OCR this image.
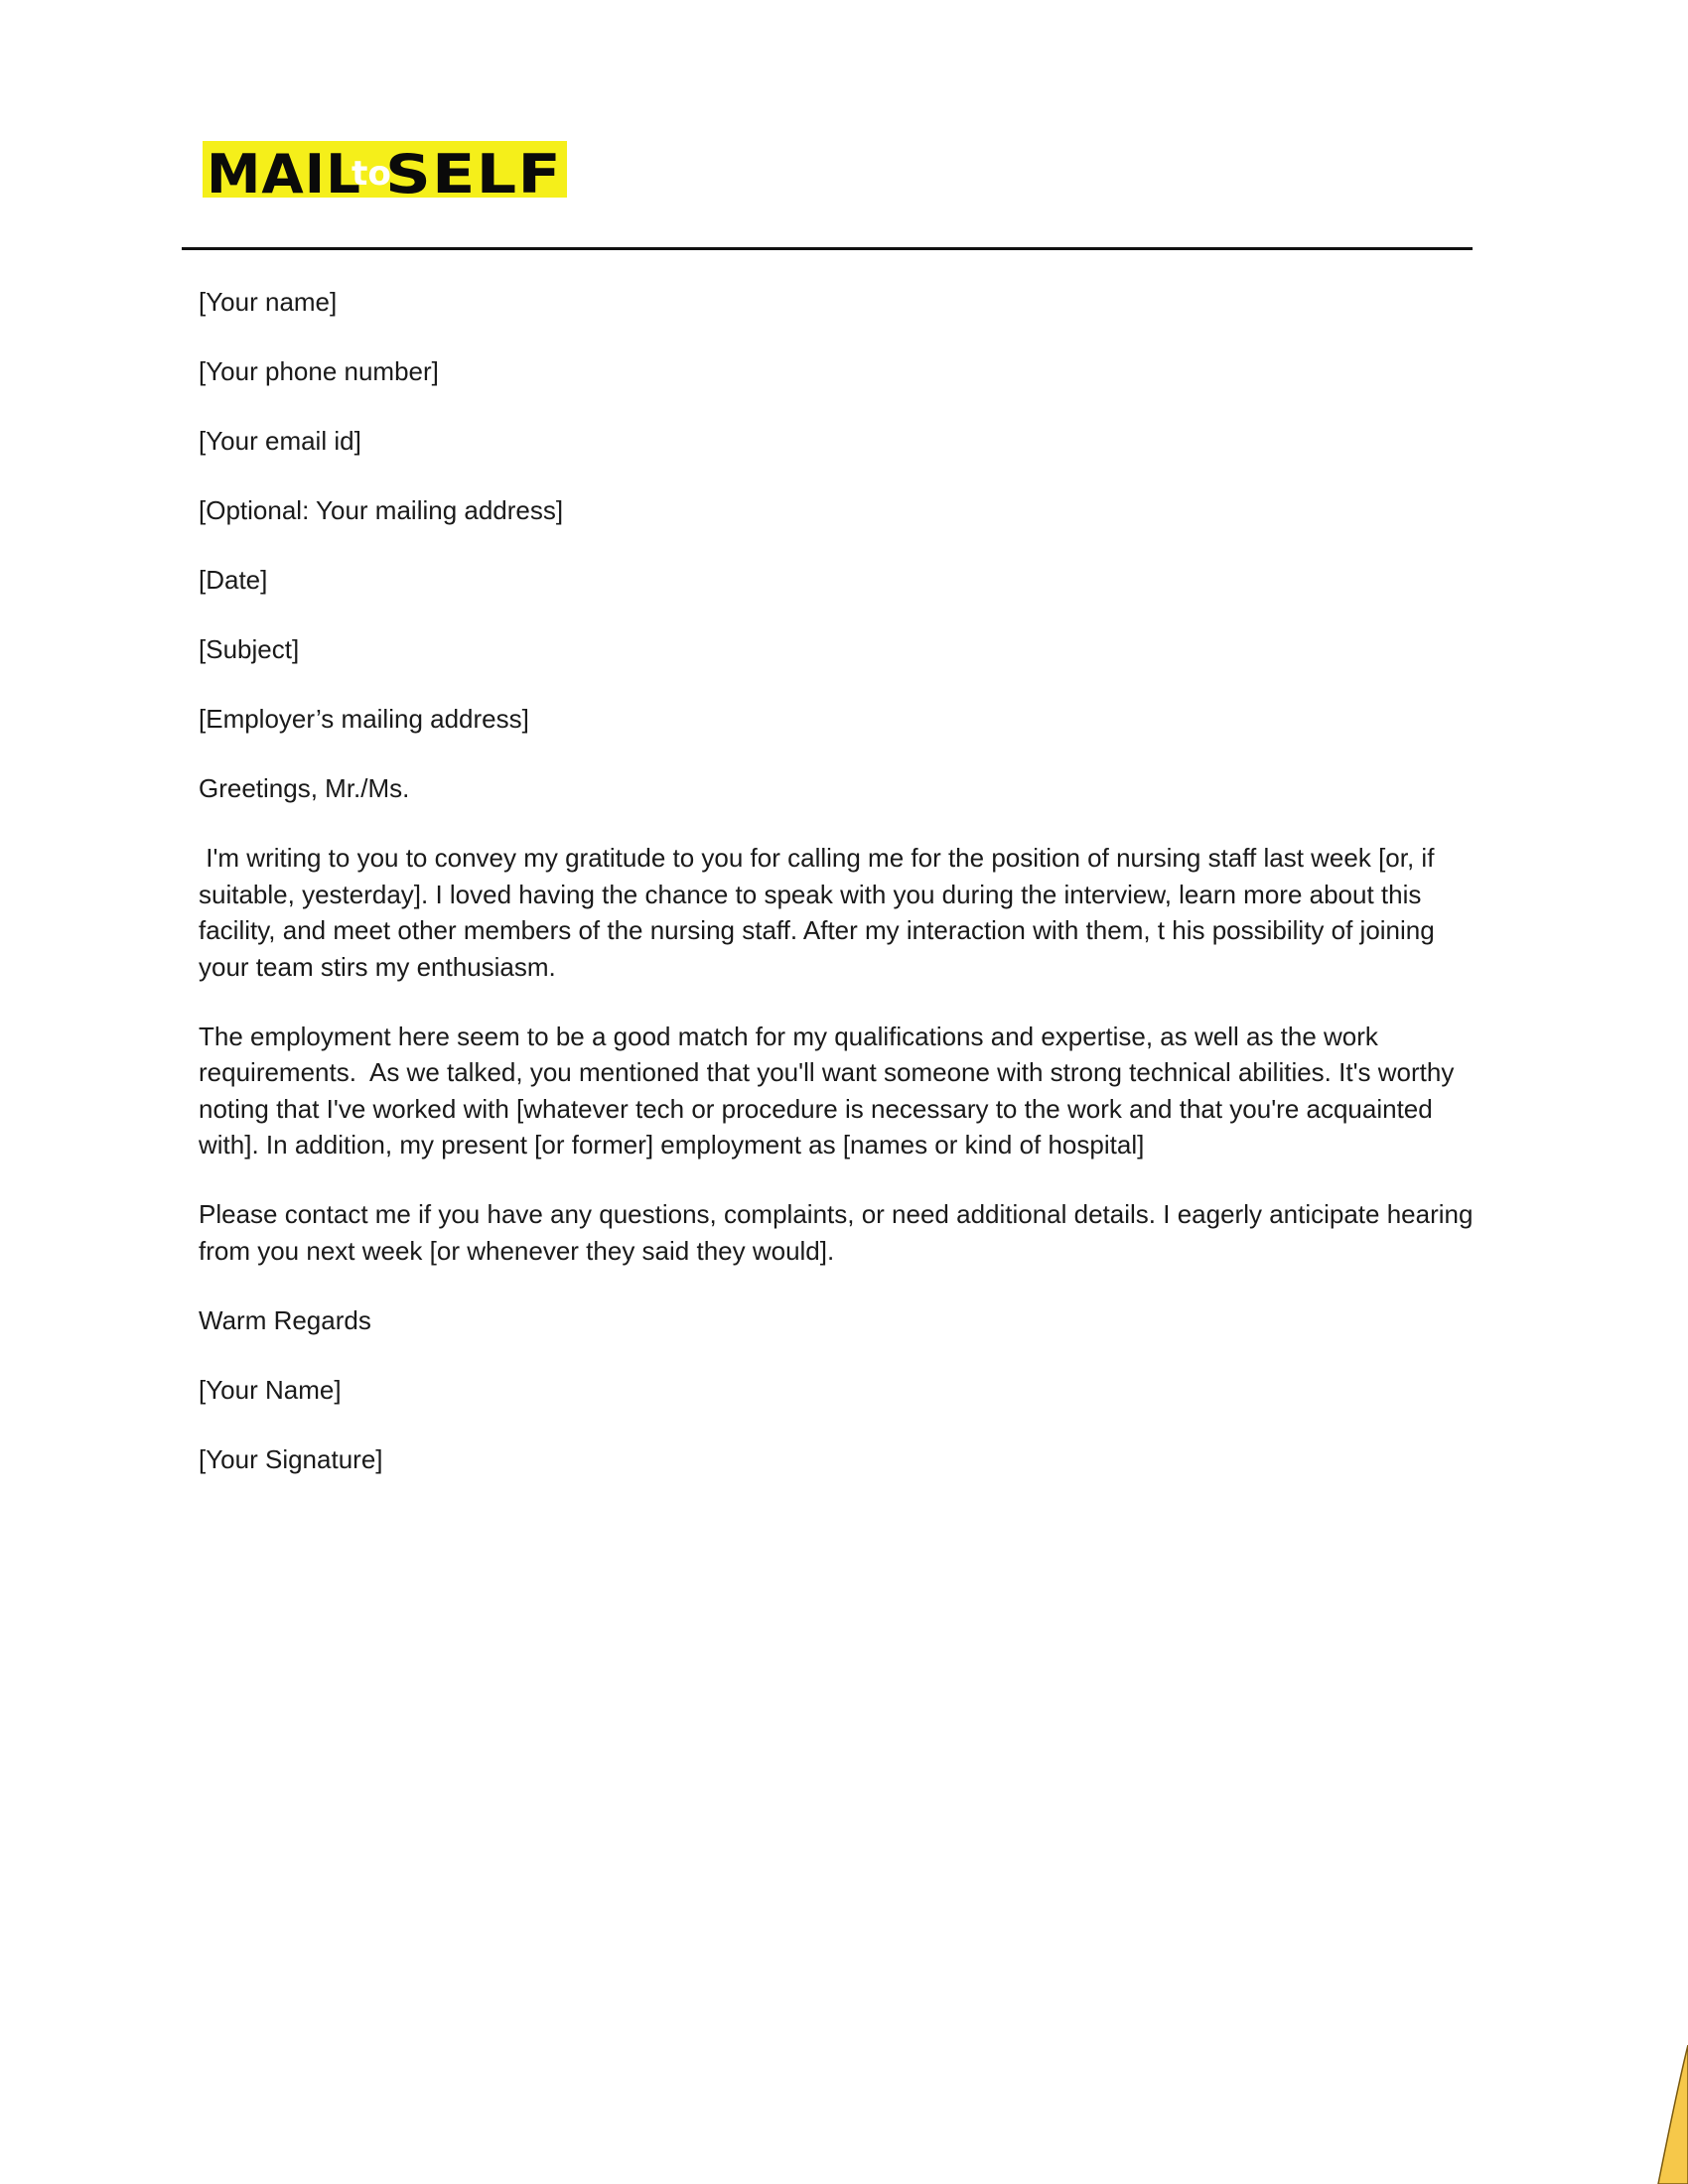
MAIL
to
SELF

[Your name]

[Your phone number]

[Your email id]

[Optional: Your mailing address]

[Date]

[Subject]

[Employer’s mailing address]

Greetings, Mr./Ms.

I'm writing to you to convey my gratitude to you for calling me for the position of nursing staff last week [or, if suitable, yesterday]. I loved having the chance to speak with you during the interview, learn more about this facility, and meet other members of the nursing staff. After my interaction with them, t his possibility of joining your team stirs my enthusiasm.

The employment here seem to be a good match for my qualifications and expertise, as well as the work requirements.  As we talked, you mentioned that you'll want someone with strong technical abilities. It's worthy noting that I've worked with [whatever tech or procedure is necessary to the work and that you're acquainted with]. In addition, my present [or former] employment as [names or kind of hospital]

Please contact me if you have any questions, complaints, or need additional details. I eagerly anticipate hearing from you next week [or whenever they said they would].

Warm Regards

[Your Name]

[Your Signature]
